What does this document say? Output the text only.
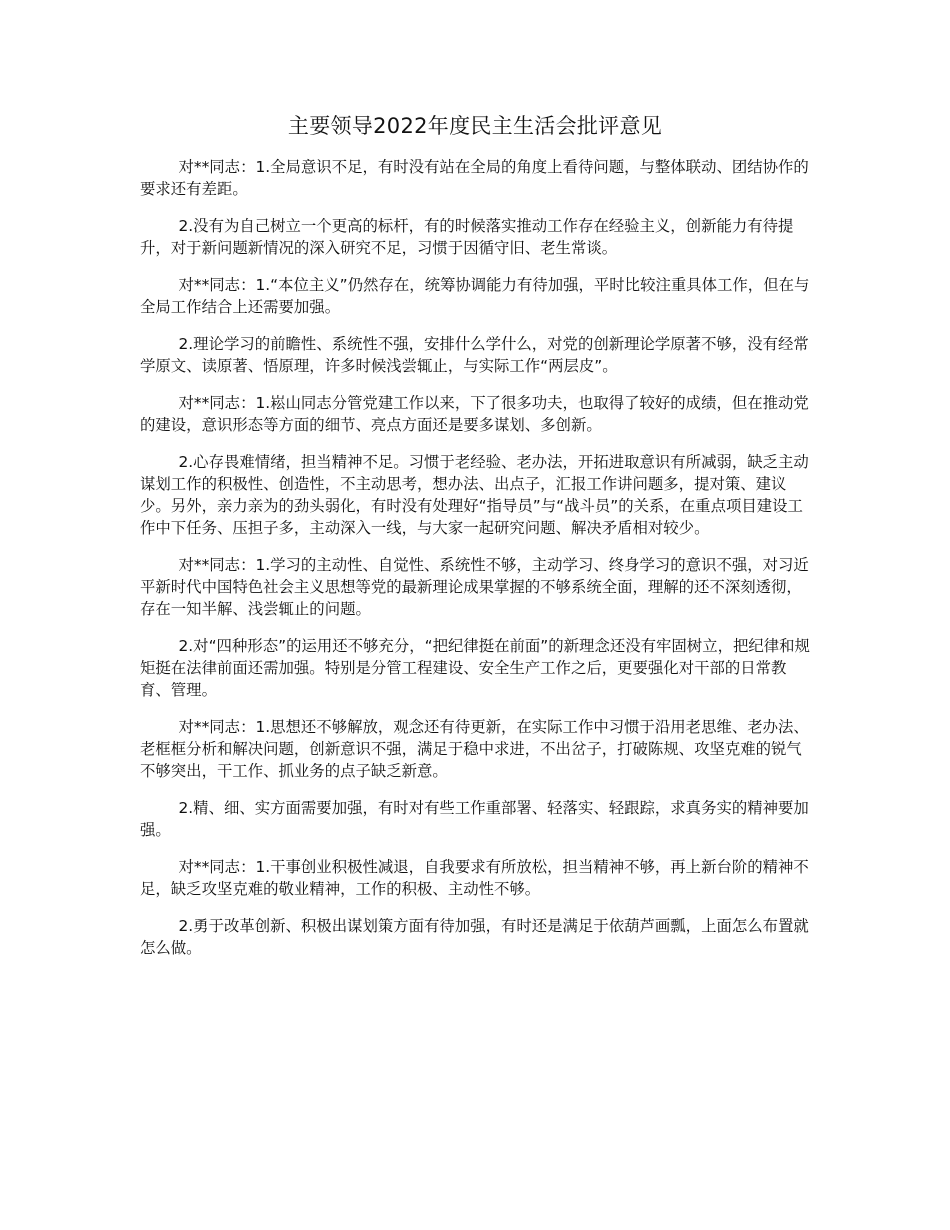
主要领导2022年度民主生活会批评意见

对**同志：1.全局意识不足，有时没有站在全局的角度上看待问题，与整体联动、团结协作的要求还有差距。

2.没有为自己树立一个更高的标杆，有的时候落实推动工作存在经验主义，创新能力有待提升，对于新问题新情况的深入研究不足，习惯于因循守旧、老生常谈。

对**同志：1.“本位主义”仍然存在，统筹协调能力有待加强，平时比较注重具体工作，但在与全局工作结合上还需要加强。

2.理论学习的前瞻性、系统性不强，安排什么学什么，对党的创新理论学原著不够，没有经常学原文、读原著、悟原理，许多时候浅尝辄止，与实际工作“两层皮”。

对**同志：1.崧山同志分管党建工作以来，下了很多功夫，也取得了较好的成绩，但在推动党的建设，意识形态等方面的细节、亮点方面还是要多谋划、多创新。

2.心存畏难情绪，担当精神不足。习惯于老经验、老办法，开拓进取意识有所减弱，缺乏主动谋划工作的积极性、创造性，不主动思考，想办法、出点子，汇报工作讲问题多，提对策、建议少。另外，亲力亲为的劲头弱化，有时没有处理好“指导员”与“战斗员”的关系，在重点项目建设工作中下任务、压担子多，主动深入一线，与大家一起研究问题、解决矛盾相对较少。

对**同志：1.学习的主动性、自觉性、系统性不够，主动学习、终身学习的意识不强，对习近平新时代中国特色社会主义思想等党的最新理论成果掌握的不够系统全面，理解的还不深刻透彻，存在一知半解、浅尝辄止的问题。

2.对“四种形态”的运用还不够充分，“把纪律挺在前面”的新理念还没有牢固树立，把纪律和规矩挺在法律前面还需加强。特别是分管工程建设、安全生产工作之后，更要强化对干部的日常教育、管理。

对**同志：1.思想还不够解放，观念还有待更新，在实际工作中习惯于沿用老思维、老办法、老框框分析和解决问题，创新意识不强，满足于稳中求进，不出岔子，打破陈规、攻坚克难的锐气不够突出，干工作、抓业务的点子缺乏新意。

2.精、细、实方面需要加强，有时对有些工作重部署、轻落实、轻跟踪，求真务实的精神要加强。

对**同志：1.干事创业积极性减退，自我要求有所放松，担当精神不够，再上新台阶的精神不足，缺乏攻坚克难的敬业精神，工作的积极、主动性不够。

2.勇于改革创新、积极出谋划策方面有待加强，有时还是满足于依葫芦画瓢，上面怎么布置就怎么做。
